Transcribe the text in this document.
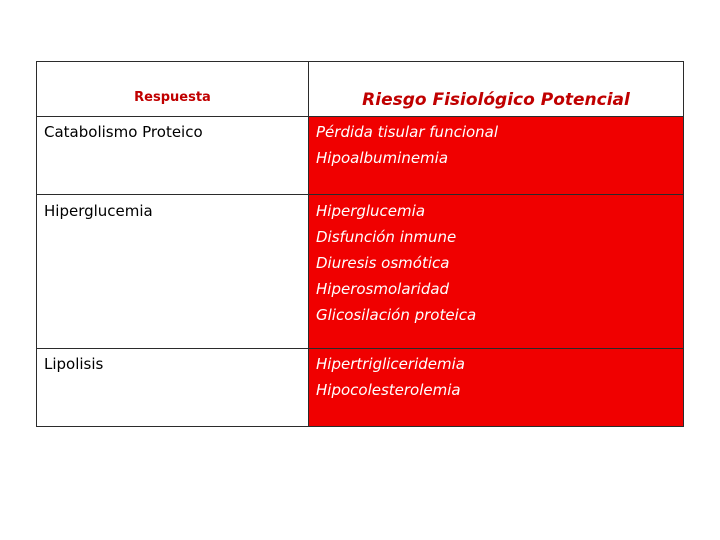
Respuesta	Riesgo Fisiológico Potencial
Catabolismo Proteico	Pérdida tisular funcional
Hipoalbuminemia
Hiperglucemia	Hiperglucemia
Disfunción inmune
Diuresis osmótica
Hiperosmolaridad
Glicosilación proteica
Lipolisis	Hipertrigliceridemia
Hipocolesterolemia
